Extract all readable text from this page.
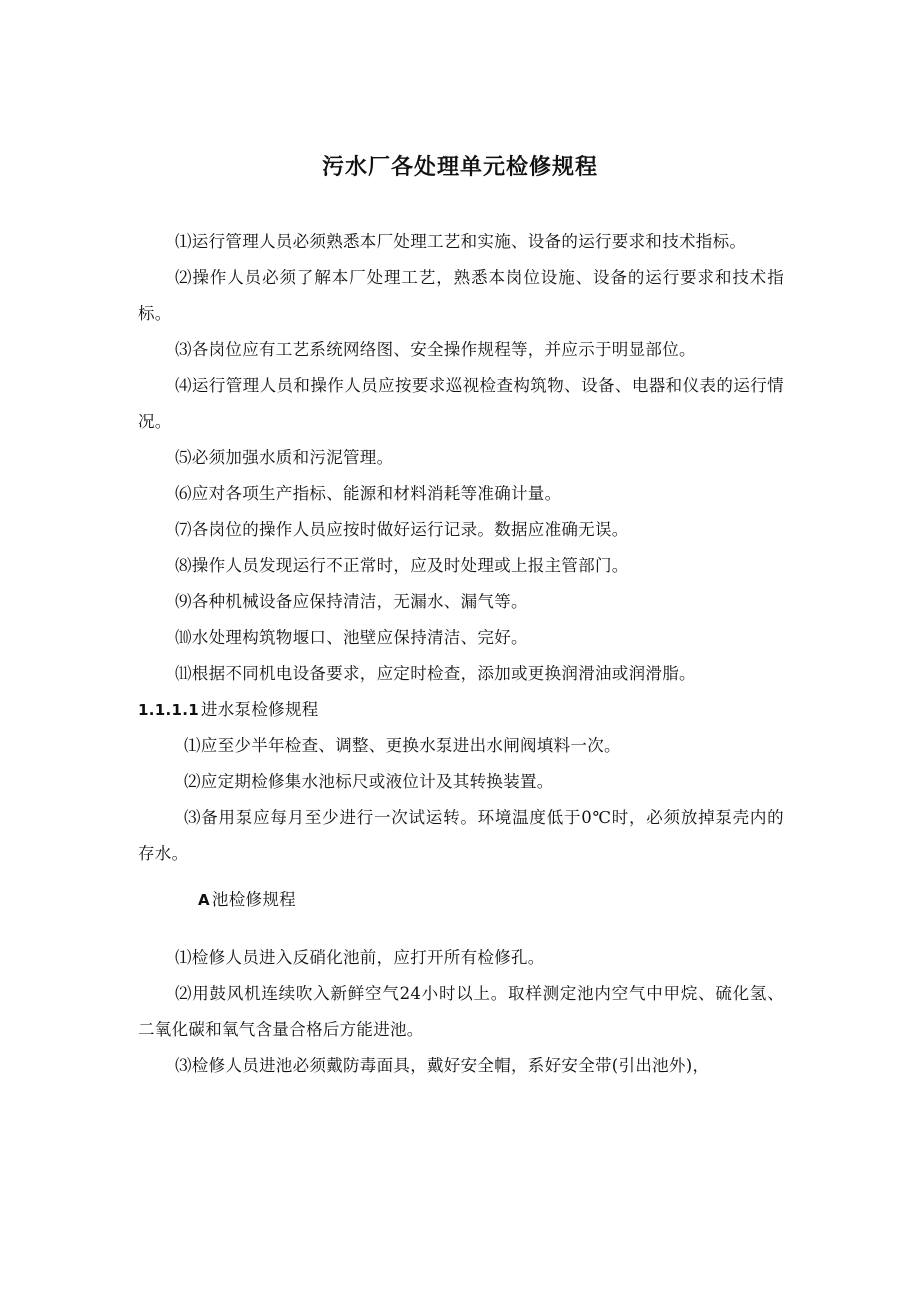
污水厂各处理单元检修规程

⑴运行管理人员必须熟悉本厂处理工艺和实施、设备的运行要求和技术指标。

⑵操作人员必须了解本厂处理工艺，熟悉本岗位设施、设备的运行要求和技术指标。

⑶各岗位应有工艺系统网络图、安全操作规程等，并应示于明显部位。

⑷运行管理人员和操作人员应按要求巡视检查构筑物、设备、电器和仪表的运行情况。

⑸必须加强水质和污泥管理。

⑹应对各项生产指标、能源和材料消耗等准确计量。

⑺各岗位的操作人员应按时做好运行记录。数据应准确无误。

⑻操作人员发现运行不正常时，应及时处理或上报主管部门。

⑼各种机械设备应保持清洁，无漏水、漏气等。

⑽水处理构筑物堰口、池壁应保持清洁、完好。

⑾根据不同机电设备要求，应定时检查，添加或更换润滑油或润滑脂。

1.1.1.1 进水泵检修规程

⑴应至少半年检查、调整、更换水泵进出水闸阀填料一次。

⑵应定期检修集水池标尺或液位计及其转换装置。

⑶备用泵应每月至少进行一次试运转。环境温度低于0℃时，必须放掉泵壳内的存水。

A 池检修规程

⑴检修人员进入反硝化池前，应打开所有检修孔。

⑵用鼓风机连续吹入新鲜空气24小时以上。取样测定池内空气中甲烷、硫化氢、二氧化碳和氧气含量合格后方能进池。

⑶检修人员进池必须戴防毒面具，戴好安全帽，系好安全带(引出池外)，
